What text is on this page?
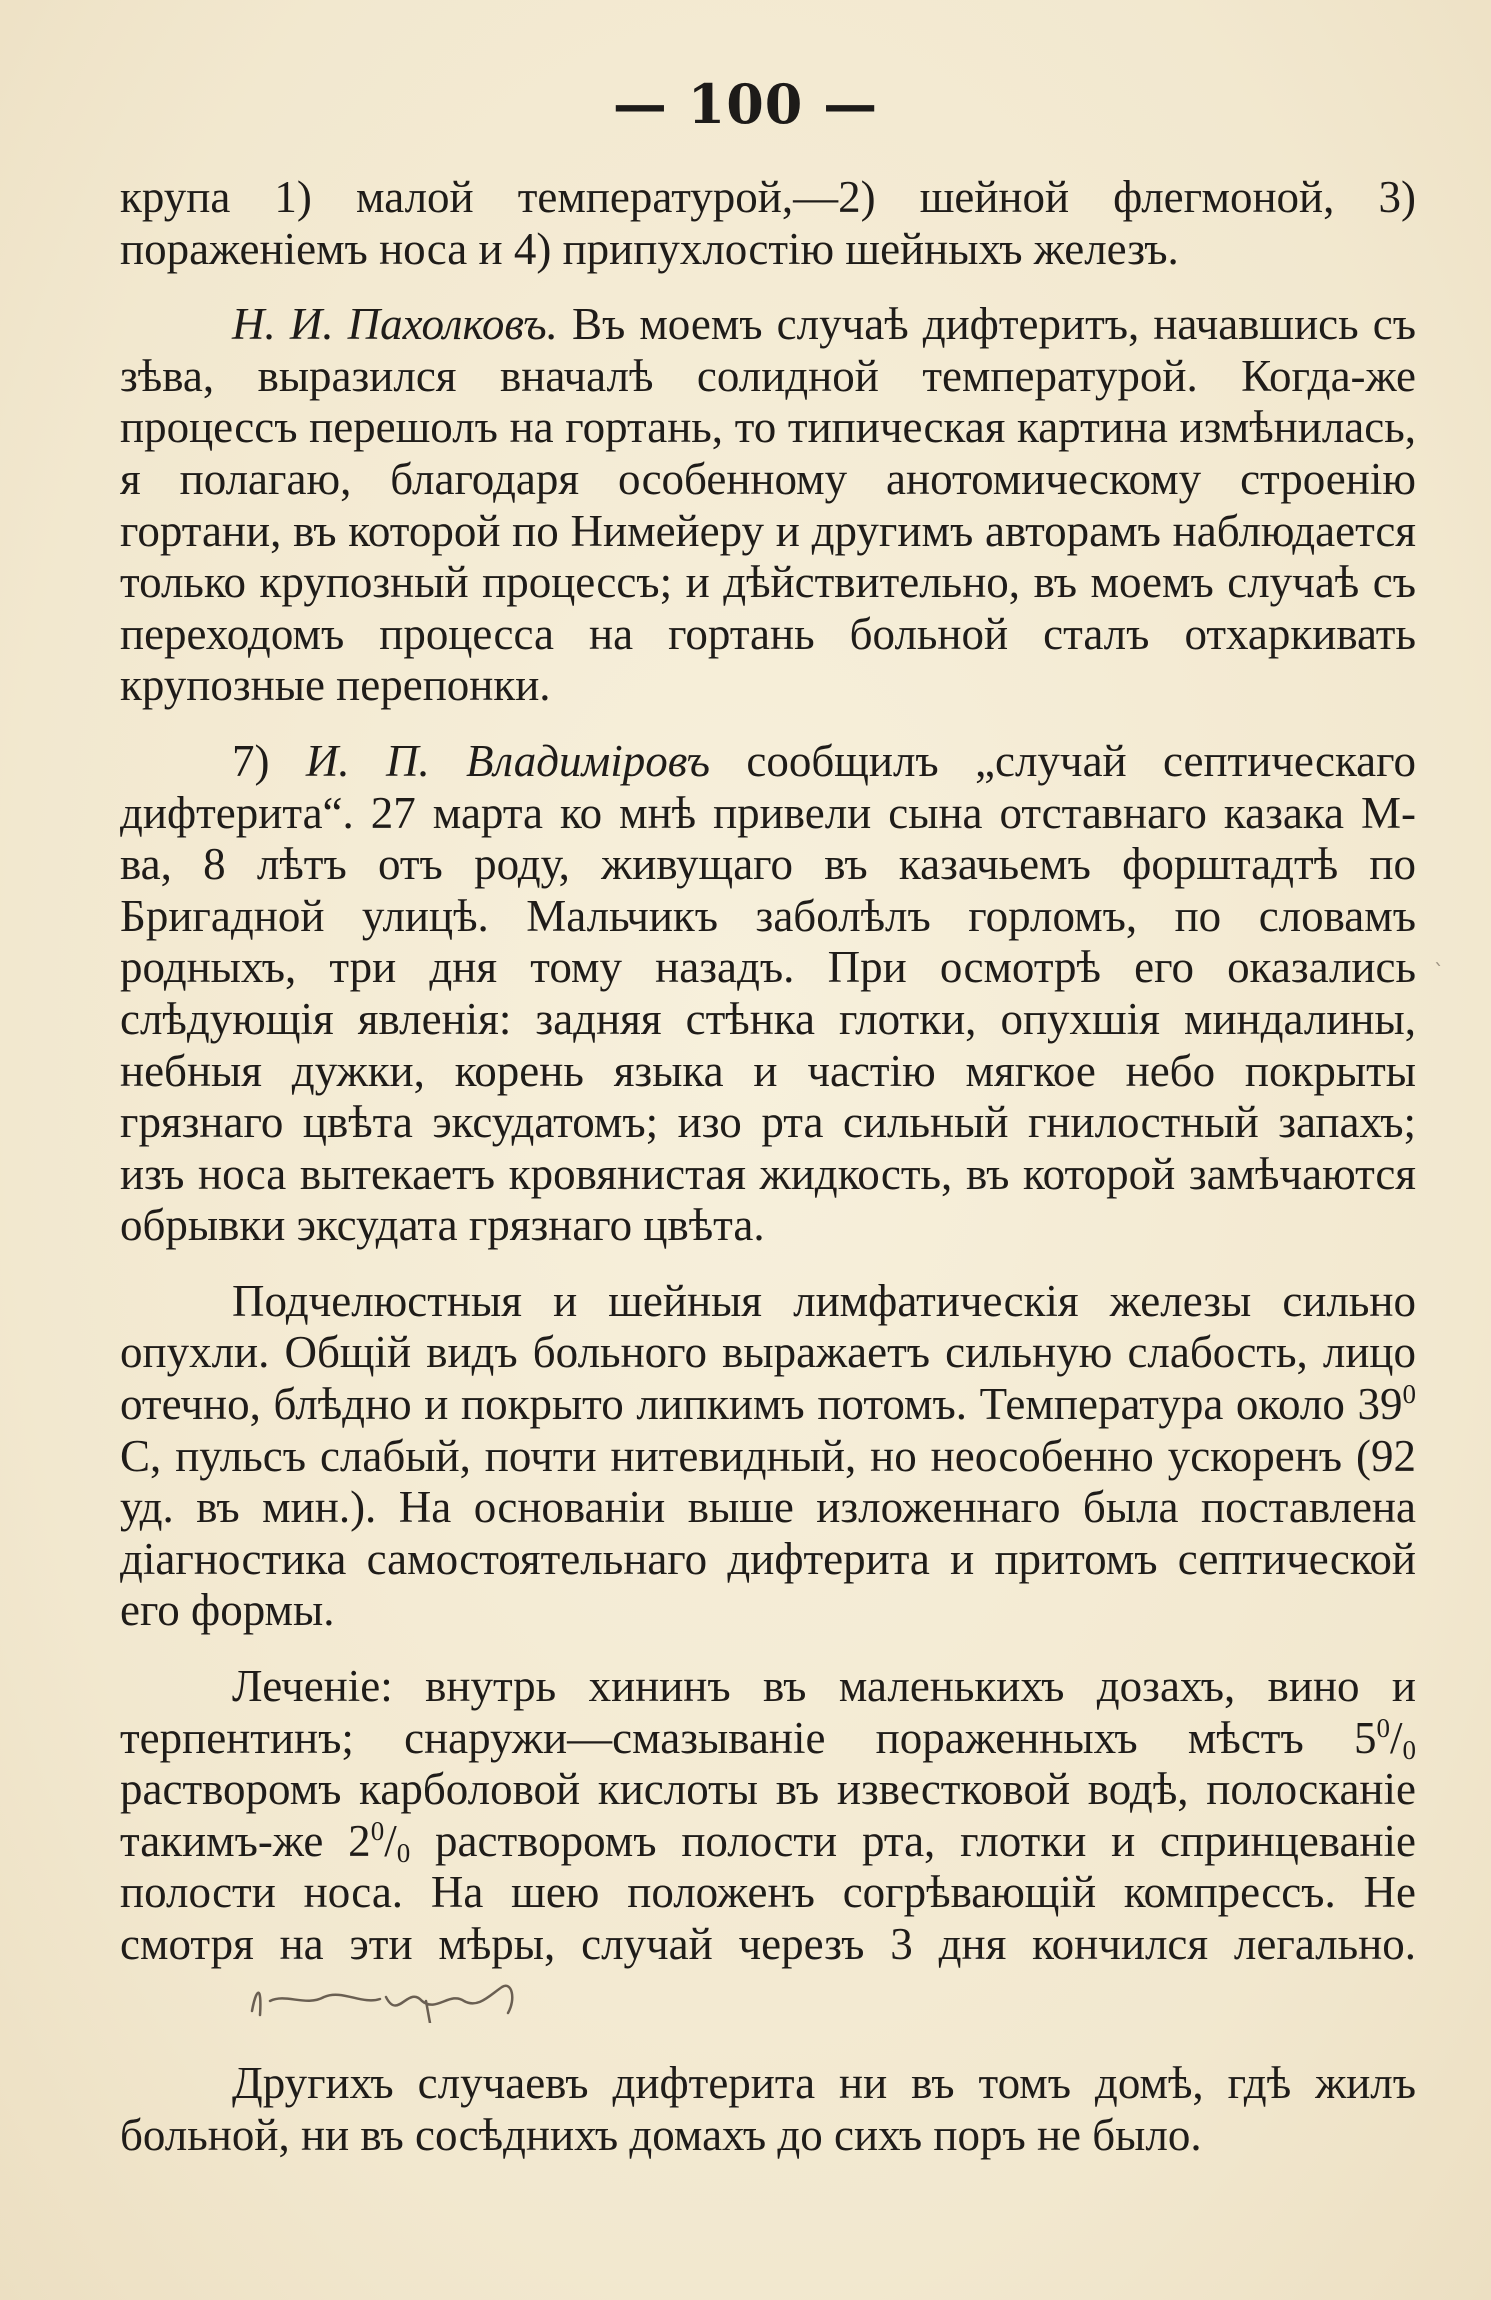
— 100 —

крупа 1) малой температурой,—2) шейной флегмоной, 3) пораженіемъ носа и 4) припухлостію шейныхъ железъ.

Н. И. Пахолковъ. Въ моемъ случаѣ дифтеритъ, начавшись съ зѣва, выразился вначалѣ солидной температурой. Когда-же процессъ перешолъ на гортань, то типическая картина измѣнилась, я полагаю, благодаря особенному анотомическому строенію гортани, въ которой по Нимейеру и другимъ авторамъ наблюдается только крупозный процессъ; и дѣйствительно, въ моемъ случаѣ съ переходомъ процесса на гортань больной сталъ отхаркивать крупозные перепонки.

7) И. П. Владиміровъ сообщилъ „случай септическаго дифтерита“. 27 марта ко мнѣ привели сына отставнаго казака М-ва, 8 лѣтъ отъ роду, живущаго въ казачьемъ форштадтѣ по Бригадной улицѣ. Мальчикъ заболѣлъ горломъ, по словамъ родныхъ, три дня тому назадъ. При осмотрѣ его оказались слѣдующія явленія: задняя стѣнка глотки, опухшія миндалины, небныя дужки, корень языка и частію мягкое небо покрыты грязнаго цвѣта эксудатомъ; изо рта сильный гнилостный запахъ; изъ носа вытекаетъ кровянистая жидкость, въ которой замѣчаются обрывки эксудата грязнаго цвѣта.

Подчелюстныя и шейныя лимфатическія железы сильно опухли. Общій видъ больного выражаетъ сильную слабость, лицо отечно, блѣдно и покрыто липкимъ потомъ. Температура около $39^0$ C, пульсъ слабый, почти нитевидный, но неособенно ускоренъ (92 уд. въ мин.). На основаніи выше изложеннаго была поставлена діагностика самостоятельнаго дифтерита и притомъ септической его формы.

Леченіе: внутрь хининъ въ маленькихъ дозахъ, вино и терпентинъ; снаружи—смазываніе пораженныхъ мѣстъ $5^0/_0$ растворомъ карболовой кислоты въ известковой водѣ, полосканіе такимъ-же $2^0/_0$ растворомъ полости рта, глотки и спринцеваніе полости носа. На шею положенъ согрѣвающій компрессъ. Не смотря на эти мѣры, случай черезъ 3 дня кончился легально.

Другихъ случаевъ дифтерита ни въ томъ домѣ, гдѣ жилъ больной, ни въ сосѣднихъ домахъ до сихъ поръ не было.

ˎ
